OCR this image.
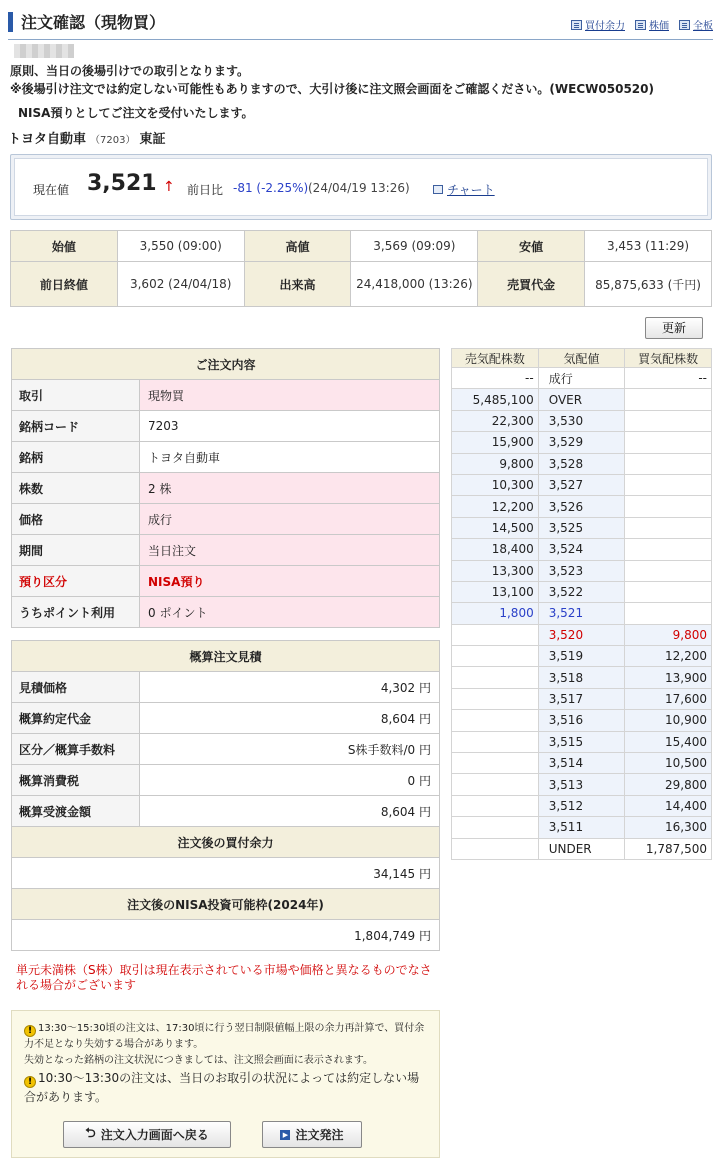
注文確認（現物買）	買付余力 株価 全板
原則、当日の後場引けでの取引となります。
※後場引け注文では約定しない可能性もありますので、大引け後に注文照会画面をご確認ください。(WECW050520)
NISA預りとしてご注文を受付いたします。
トヨタ自動車 （7203） 東証
現在値 3,521 ↑ 前日比 -81 (-2.25%) (24/04/19 13:26)	チャート
始値	3,550 (09:00)	高値	3,569 (09:09)	安値	3,453 (11:29)
前日終値	3,602 (24/04/18)	出来高	24,418,000 (13:26)	売買代金	85,875,633 (千円)
更新
ご注文内容	
取引	現物買
銘柄コード	7203
銘柄	トヨタ自動車
株数	2 株
価格	成行
期間	当日注文
預り区分	NISA預り
うちポイント利用	0 ポイント
概算注文見積	
見積価格	4,302 円
概算約定代金	8,604 円
区分／概算手数料	S株手数料/0 円
概算消費税	0 円
概算受渡金額	8,604 円
注文後の買付余力	
34,145 円	
注文後のNISA投資可能枠(2024年)	
1,804,749 円	
売気配株数	気配値	買気配株数
--	成行	--
5,485,100	OVER	
22,300	3,530	
15,900	3,529	
9,800	3,528	
10,300	3,527	
12,200	3,526	
14,500	3,525	
18,400	3,524	
13,300	3,523	
13,100	3,522	
1,800	3,521	
	3,520	9,800
	3,519	12,200
	3,518	13,900
	3,517	17,600
	3,516	10,900
	3,515	15,400
	3,514	10,500
	3,513	29,800
	3,512	14,400
	3,511	16,300
	UNDER	1,787,500
単元未満株（S株）取引は現在表示されている市場や価格と異なるものでなされる場合がございます
! 13:30～15:30頃の注文は、17:30頃に行う翌日制限値幅上限の余力再計算で、買付余力不足となり失効する場合があります。
失効となった銘柄の注文状況につきましては、注文照会画面に表示されます。
! 10:30～13:30の注文は、当日のお取引の状況によっては約定しない場合があります。
⮌ 注文入力画面へ戻る	▶ 注文発注
